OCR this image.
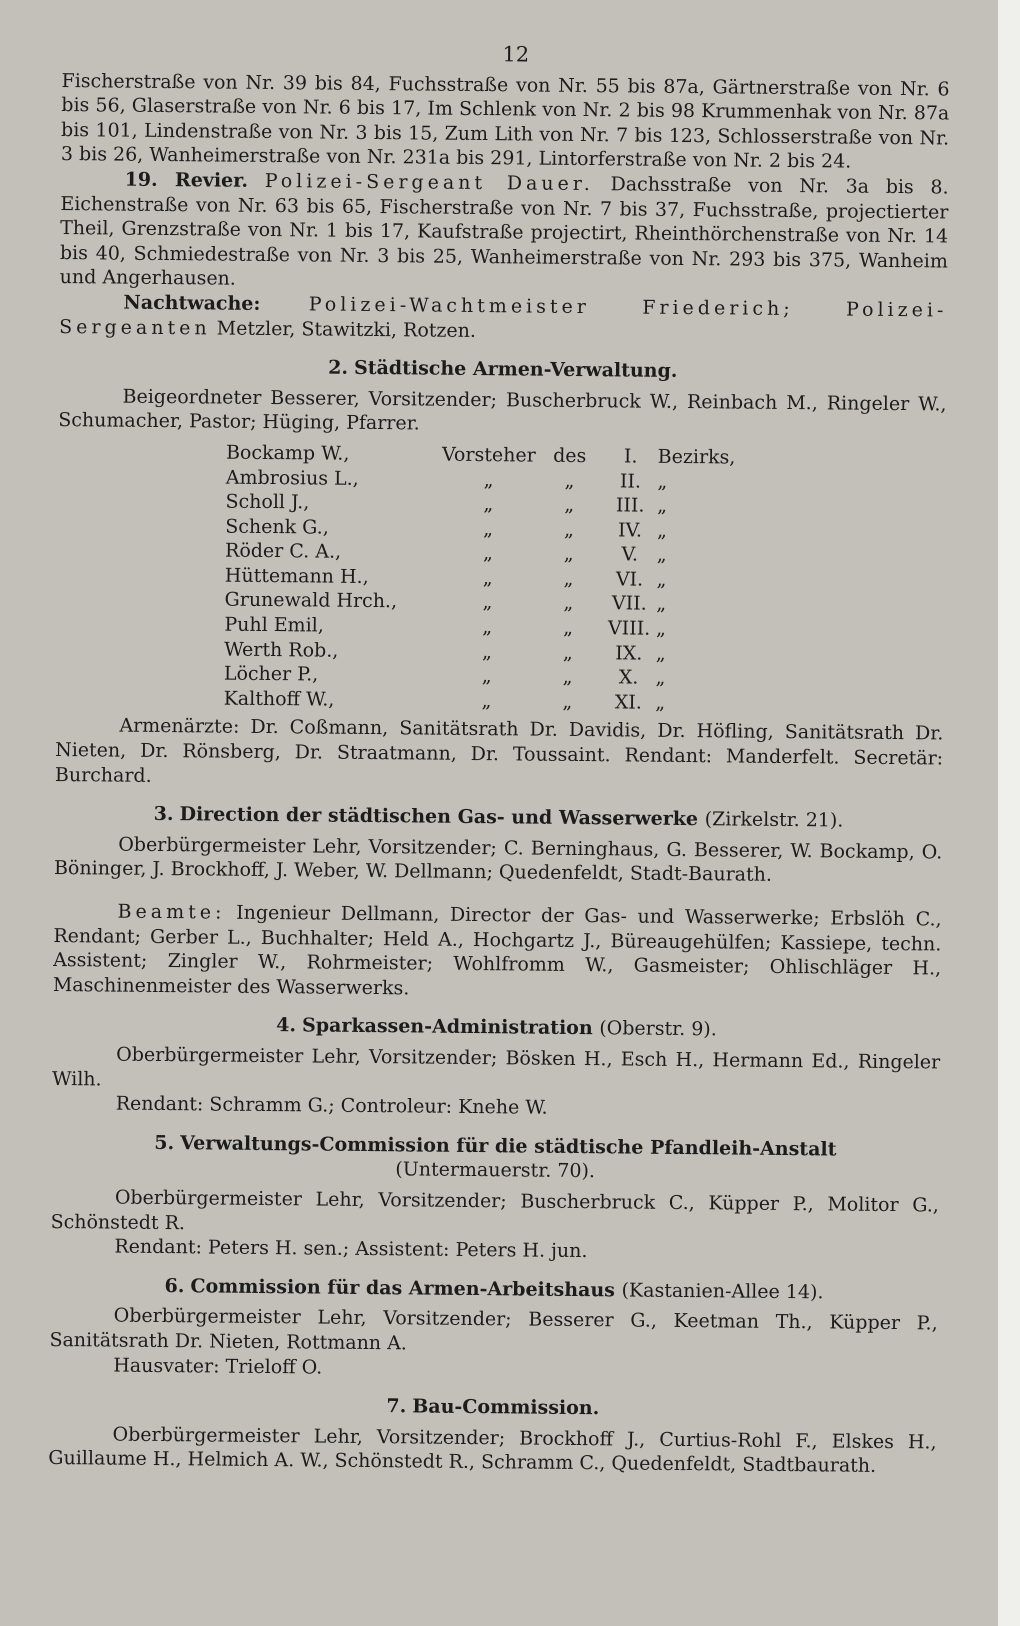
12

Fischerstraße von Nr. 39 bis 84, Fuchsstraße von Nr. 55 bis 87a, Gärtnerstraße von Nr. 6 bis 56, Glaserstraße von Nr. 6 bis 17, Im Schlenk von Nr. 2 bis 98 Krummenhak von Nr. 87a bis 101, Lindenstraße von Nr. 3 bis 15, Zum Lith von Nr. 7 bis 123, Schlosserstraße von Nr. 3 bis 26, Wanheimerstraße von Nr. 231a bis 291, Lintorferstraße von Nr. 2 bis 24.

19. Revier. Polizei-Sergeant Dauer. Dachsstraße von Nr. 3a bis 8. Eichenstraße von Nr. 63 bis 65, Fischerstraße von Nr. 7 bis 37, Fuchsstraße, projectierter Theil, Grenzstraße von Nr. 1 bis 17, Kaufstraße projectirt, Rheinthörchenstraße von Nr. 14 bis 40, Schmiedestraße von Nr. 3 bis 25, Wanheimerstraße von Nr. 293 bis 375, Wanheim und Angerhausen.

Nachtwache:	Polizei-Wachtmeister Friederich; Polizei-Sergeanten Metzler, Stawitzki, Rotzen.

2. Städtische Armen-Verwaltung.

Beigeordneter Besserer, Vorsitzender; Buscherbruck W., Reinbach M., Ringeler W., Schumacher, Pastor; Hüging, Pfarrer.

Bockamp W.,	Vorsteher	des	I.	Bezirks,
Ambrosius L.,	„	„	II.	„
Scholl J.,	„	„	III.	„
Schenk G.,	„	„	IV.	„
Röder C. A.,	„	„	V.	„
Hüttemann H.,	„	„	VI.	„
Grunewald Hrch.,	„	„	VII.	„
Puhl Emil,	„	„	VIII.	„
Werth Rob.,	„	„	IX.	„
Löcher P.,	„	„	X.	„
Kalthoff W.,	„	„	XI.	„

Armenärzte: Dr. Coßmann, Sanitätsrath Dr. Davidis, Dr. Höfling, Sanitätsrath Dr. Nieten, Dr. Rönsberg, Dr. Straatmann, Dr. Toussaint. Rendant: Manderfelt. Secretär: Burchard.

3. Direction der städtischen Gas- und Wasserwerke (Zirkelstr. 21).

Oberbürgermeister Lehr, Vorsitzender; C. Berninghaus, G. Besserer, W. Bockamp, O. Böninger, J. Brockhoff, J. Weber, W. Dellmann; Quedenfeldt, Stadt-Baurath.

Beamte: Ingenieur Dellmann, Director der Gas- und Wasserwerke; Erbslöh C., Rendant; Gerber L., Buchhalter; Held A., Hochgartz J., Büreaugehülfen; Kassiepe, techn. Assistent; Zingler W., Rohrmeister; Wohlfromm W., Gasmeister; Ohlischläger H., Maschinenmeister des Wasserwerks.

4. Sparkassen-Administration (Oberstr. 9).

Oberbürgermeister Lehr, Vorsitzender; Bösken H., Esch H., Hermann Ed., Ringeler Wilh.

Rendant: Schramm G.; Controleur: Knehe W.

5. Verwaltungs-Commission für die städtische Pfandleih-Anstalt
(Untermauerstr. 70).

Oberbürgermeister Lehr, Vorsitzender; Buscherbruck C., Küpper P., Molitor G., Schönstedt R.

Rendant: Peters H. sen.; Assistent: Peters H. jun.

6. Commission für das Armen-Arbeitshaus (Kastanien-Allee 14).

Oberbürgermeister Lehr, Vorsitzender; Besserer G., Keetman Th., Küpper P., Sanitätsrath Dr. Nieten, Rottmann A.

Hausvater: Trieloff O.

7. Bau-Commission.

Oberbürgermeister Lehr, Vorsitzender; Brockhoff J., Curtius-Rohl F., Elskes H., Guillaume H., Helmich A. W., Schönstedt R., Schramm C., Quedenfeldt, Stadtbaurath.
